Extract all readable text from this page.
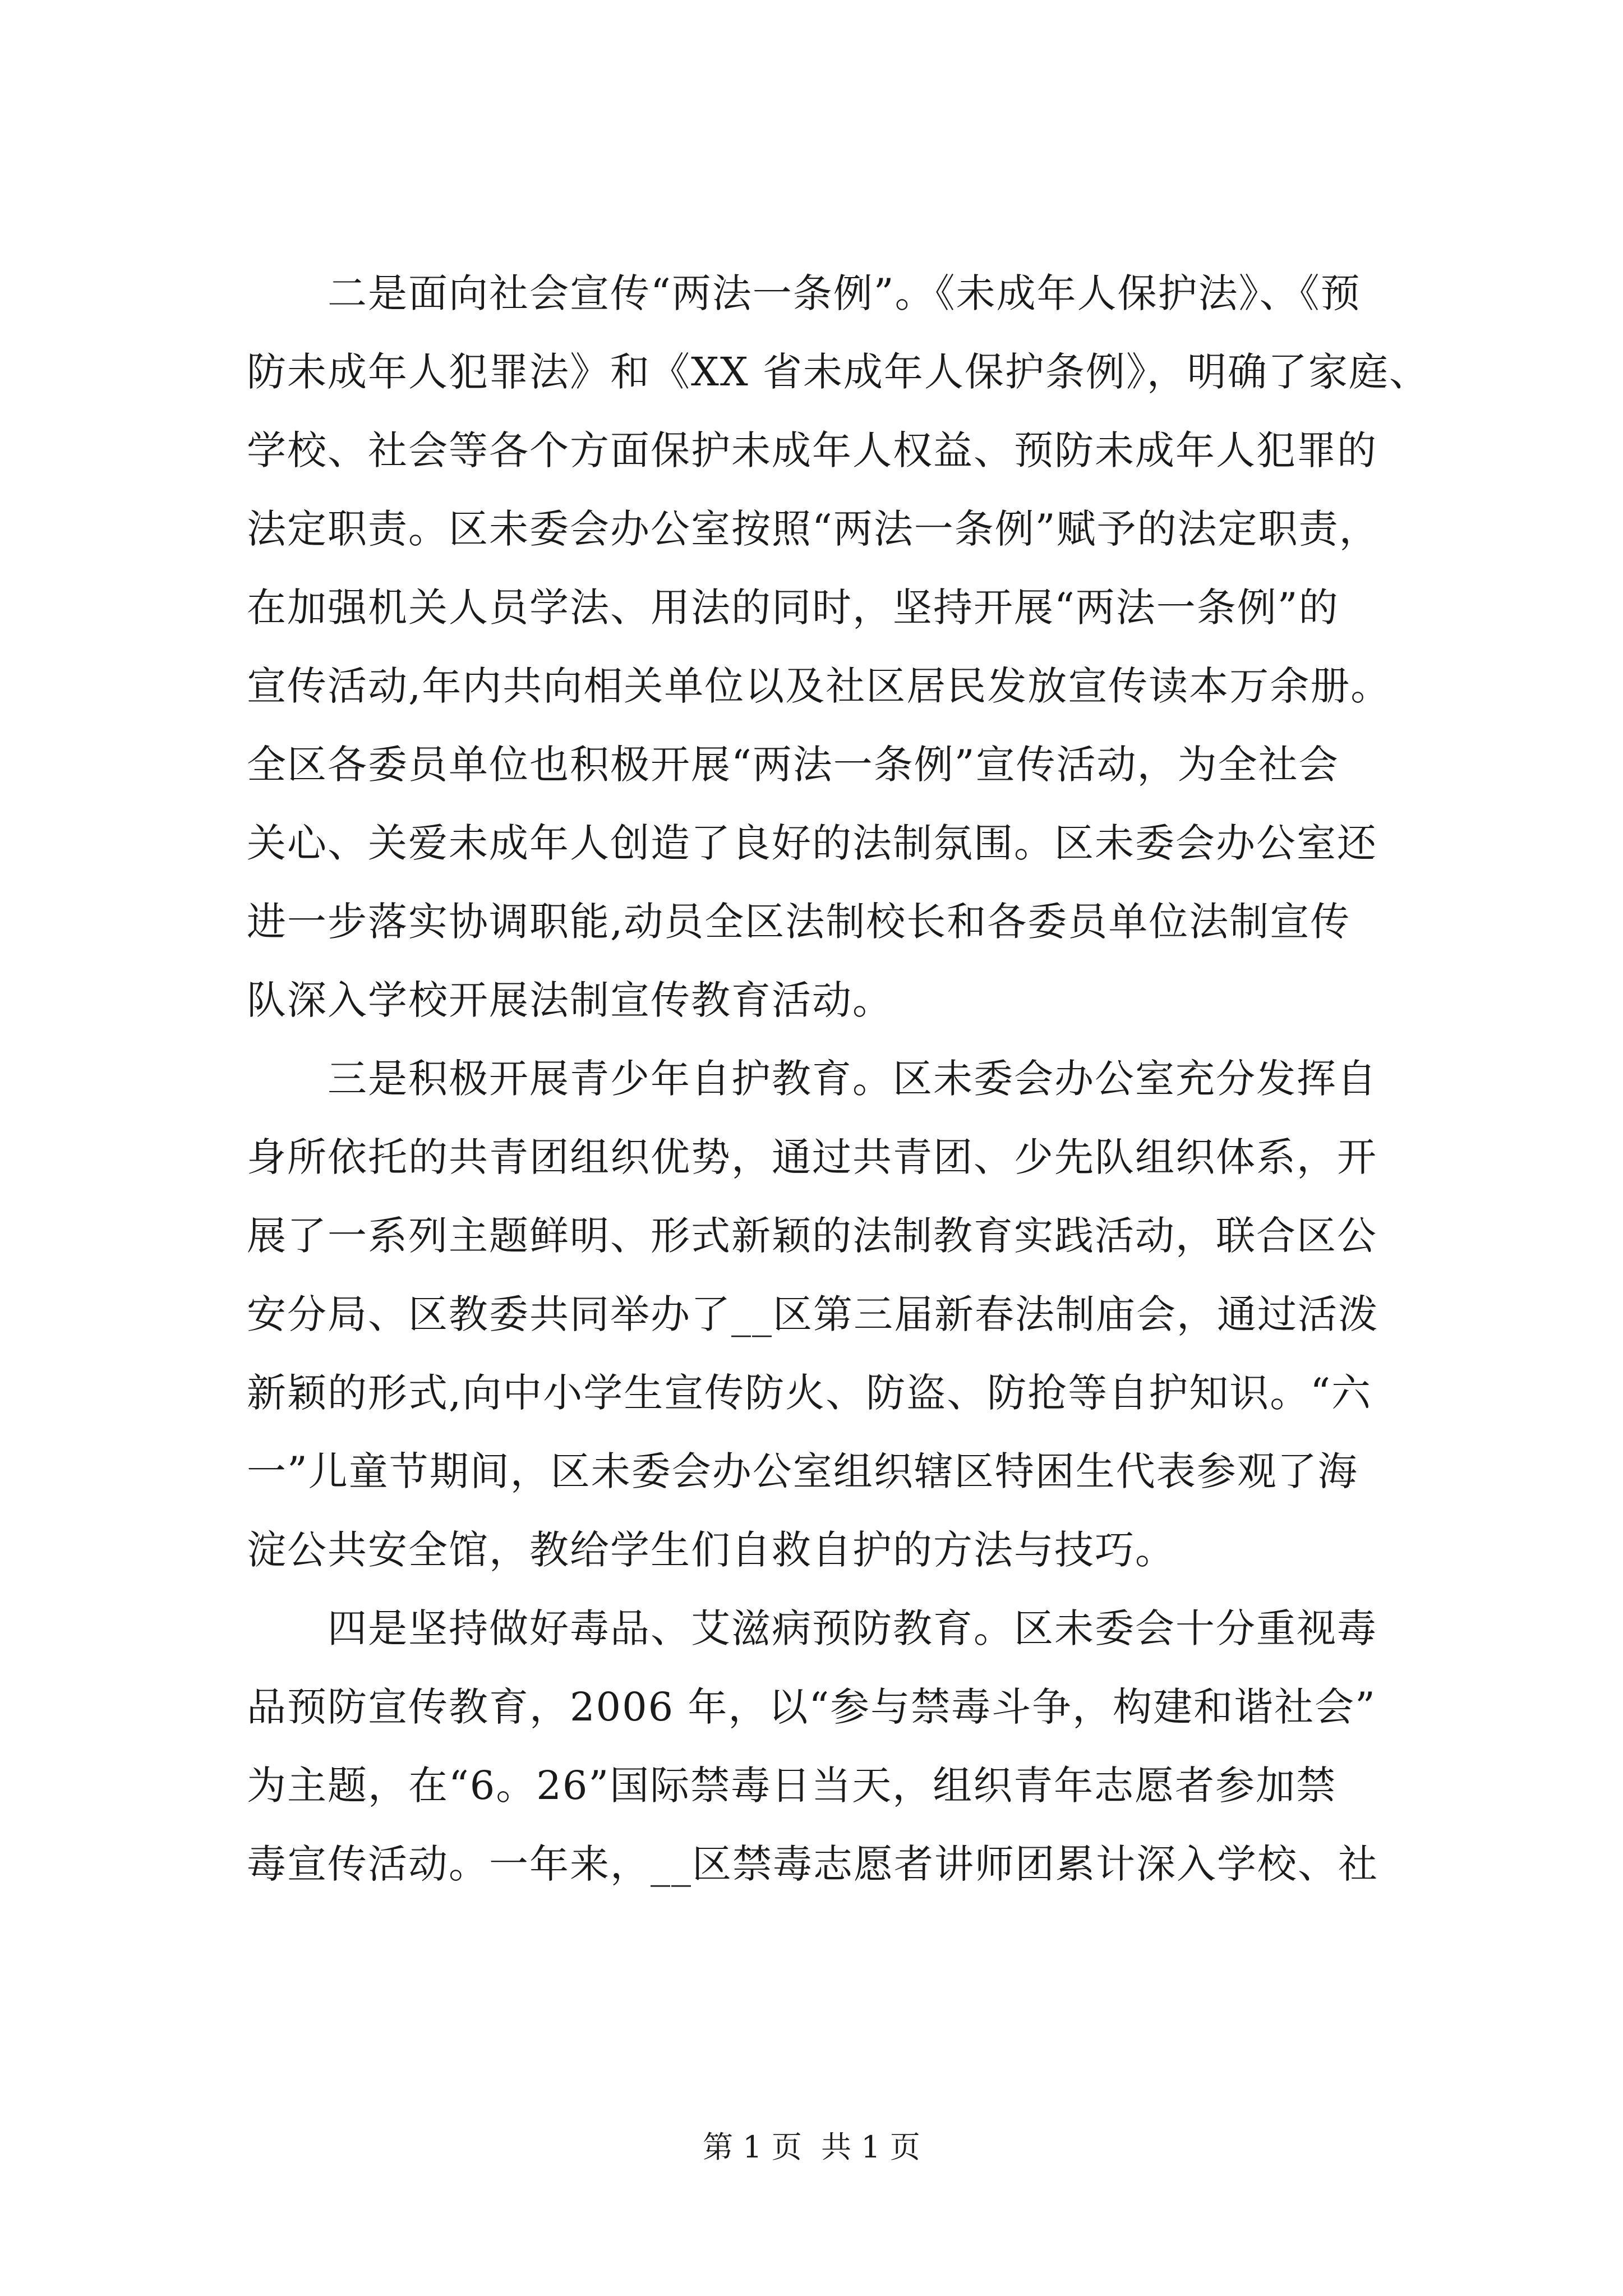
　　二是面向社会宣传“两法一条例”。《未成年人保护法》、《预
防未成年人犯罪法》和《XX 省未成年人保护条例》，明确了家庭、
学校、社会等各个方面保护未成年人权益、预防未成年人犯罪的
法定职责。区未委会办公室按照“两法一条例”赋予的法定职责，
在加强机关人员学法、用法的同时，坚持开展“两法一条例”的
宣传活动,年内共向相关单位以及社区居民发放宣传读本万余册。
全区各委员单位也积极开展“两法一条例”宣传活动，为全社会
关心、关爱未成年人创造了良好的法制氛围。区未委会办公室还
进一步落实协调职能,动员全区法制校长和各委员单位法制宣传
队深入学校开展法制宣传教育活动。
　　三是积极开展青少年自护教育。区未委会办公室充分发挥自
身所依托的共青团组织优势，通过共青团、少先队组织体系，开
展了一系列主题鲜明、形式新颖的法制教育实践活动，联合区公
安分局、区教委共同举办了__区第三届新春法制庙会，通过活泼
新颖的形式,向中小学生宣传防火、防盗、防抢等自护知识。“六
一”儿童节期间，区未委会办公室组织辖区特困生代表参观了海
淀公共安全馆，教给学生们自救自护的方法与技巧。
　　四是坚持做好毒品、艾滋病预防教育。区未委会十分重视毒
品预防宣传教育，2006 年，以“参与禁毒斗争，构建和谐社会”
为主题，在“6。26”国际禁毒日当天，组织青年志愿者参加禁
毒宣传活动。一年来，__区禁毒志愿者讲师团累计深入学校、社
第 1 页  共 1 页
